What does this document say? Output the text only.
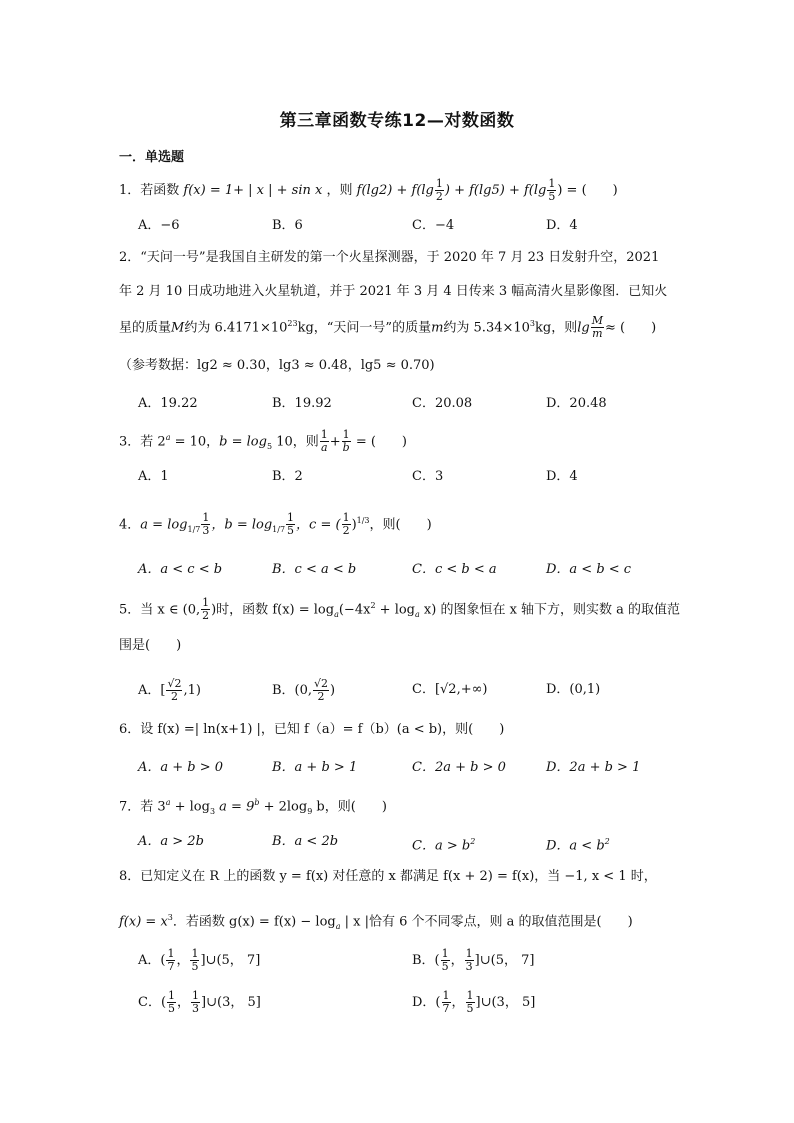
第三章函数专练12—对数函数
一．单选题
1．若函数 f(x) = 1+ | x | + sin x ，则 $f(\lg 2) + f(\lg \frac{1}{2}$ ) + $f(\lg 5) + f(\lg \frac{1}{5}$ ) = (　　)
A．−6	B．6	C．−4	D．4
2．“天问一号”是我国自主研发的第一个火星探测器，于 2020 年 7 月 23 日发射升空，2021
年 2 月 10 日成功地进入火星轨道，并于 2021 年 3 月 4 日传来 3 幅高清火星影像图．已知火
星的质量M约为 $6.4171\times 10^{23}kg$，“天问一号”的质量m约为 $5.34\times 10^3kg$，则$\lg \frac{M}{m}$ ≈ (　　)
（参考数据：lg2 ≈ 0.30，lg3 ≈ 0.48，lg5 ≈ 0.70)
A．19.22	B．19.92	C．20.08	D．20.48
3．若 $2^a = 10$，$b = \log_5 10$，则 $\frac{1}{a} + \frac{1}{b}$ = (　　)
A．1	B．2	C．3	D．4
4．$a = \log_{1/7} \frac{1}{3}$ ，$b = \log_{1/7} \frac{1}{5}$ ，c = ( $\frac{1}{2} )^{1/3}$，则(　　)
A．a < c < b	B．c < a < b	C．c < b < a	D．a < b < c
5．当 x ∈ (0, $\frac{1}{2}$ )时，函数 $f(x) = \log_a(-4x^2 + \log_a x)$ 的图象恒在 x 轴下方，则实数 a 的取值范
围是(　　)
A．[ $\frac{√2}{2} ,1$)	B．(0, $\frac{√2}{2}$ )	C．[√2,+∞)	D．(0,1)
6．设 f(x) =| ln(x+1) |，已知 f（a）= f（b）(a < b)，则(　　)
A．a + b > 0	B．a + b > 1	C．2a + b > 0	D．2a + b > 1
7．若 $3^a + \log_3 a = 9^b + 2\log_9$ b，则(　　)
A．a > 2b	B．a < 2b	C．$a > b^2$	D．$a < b^2$
8．已知定义在 R 上的函数 y = f(x) 对任意的 x 都满足 f(x + 2) = f(x)，当 −1, x < 1 时，
$f(x) = x^3$．若函数 $g(x) = f(x) - \log_a$ | x |恰有 6 个不同零点，则 a 的取值范围是(　　)
A．( $\frac{1}{7}$ ， $\frac{1}{5}$ ]∪(5， 7]	B．( $\frac{1}{5}$ ， $\frac{1}{3}$ ]∪(5， 7]
C．( $\frac{1}{5}$ ， $\frac{1}{3}$ ]∪(3， 5]	D．( $\frac{1}{7}$ ， $\frac{1}{5}$ ]∪(3， 5]
